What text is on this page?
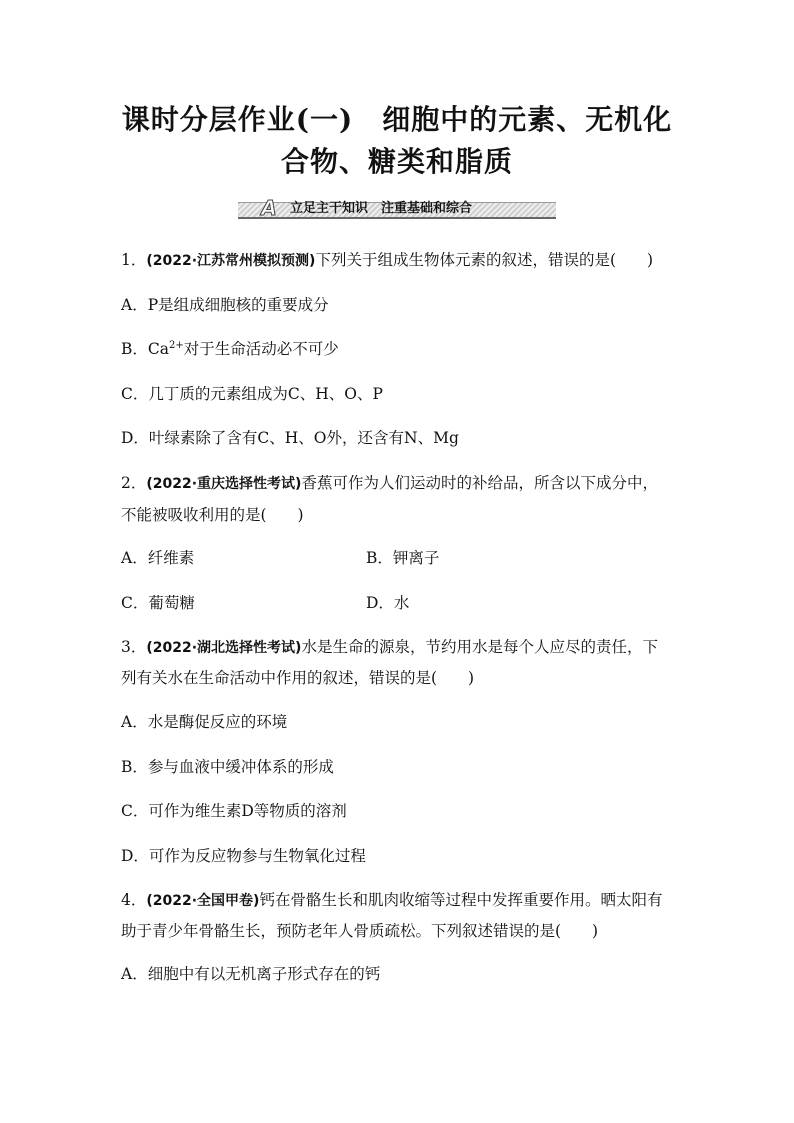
课时分层作业(一)　细胞中的元素、无机化
合物、糖类和脂质
A 立足主干知识　注重基础和综合
1．(2022·江苏常州模拟预测)下列关于组成生物体元素的叙述，错误的是(　　)
A．P是组成细胞核的重要成分
B．$Ca^{2+}$对于生命活动必不可少
C．几丁质的元素组成为C、H、O、P
D．叶绿素除了含有C、H、O外，还含有N、Mg
2．(2022·重庆选择性考试)香蕉可作为人们运动时的补给品，所含以下成分中，
不能被吸收利用的是(　　)
A．纤维素	B．钾离子
C．葡萄糖	D．水
3．(2022·湖北选择性考试)水是生命的源泉，节约用水是每个人应尽的责任，下
列有关水在生命活动中作用的叙述，错误的是(　　)
A．水是酶促反应的环境
B．参与血液中缓冲体系的形成
C．可作为维生素D等物质的溶剂
D．可作为反应物参与生物氧化过程
4．(2022·全国甲卷)钙在骨骼生长和肌肉收缩等过程中发挥重要作用。晒太阳有
助于青少年骨骼生长，预防老年人骨质疏松。下列叙述错误的是(　　)
A．细胞中有以无机离子形式存在的钙
